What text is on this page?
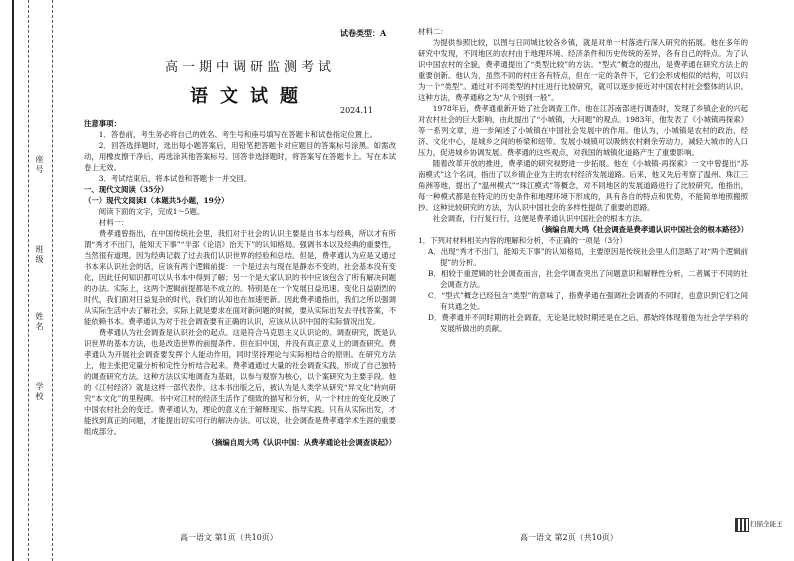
座号
班级
姓名
学校
试卷类型：A
高一期中调研监测考试
语文试题
2024.11

注意事项：

1．答卷前，考生务必将自己的姓名、考生号和座号填写在答题卡和试卷指定位置上。

2．回答选择题时，选出每小题答案后，用铅笔把答题卡对应题目的答案标号涂黑。如需改动，用橡皮擦干净后，再选涂其他答案标号。回答非选择题时，将答案写在答题卡上。写在本试卷上无效。

3．考试结束后，将本试卷和答题卡一并交回。

一、现代文阅读（35分）

（一）现代文阅读Ⅰ（本题共5小题，19分）

阅读下面的文字，完成1～5题。

材料一：

费孝通曾指出，在中国传统社会里，我们对于社会的认识主要是自书本与经典，所以才有所谓“秀才不出门，能知天下事”“半部《论语》治天下”的认知格局。强调书本以及经典的重要性，当然很有道理。因为经典记载了过去我们认识世界的经验和总结。但是，费孝通认为应是又通过书本来认识社会的话，应该有两个逻辑前提：一个是过去与现在是静态不变的，社会基本没有变化，因此任何知识都可以从书本中得到了解；另一个是大家认识的书中应该包含了所有解决问题的办法。实际上，这两个逻辑前提都是不成立的。特别是在一个发展日益迅速、变化日益剧烈的时代，我们面对日益复杂的时代，我们的认知也在加速更新。因此费孝通指出，我们之所以强调从实际生活中去了解社会，实际上就是要求在面对新问题的时候，要从实际出发去寻找答案，不能依赖书本。费孝通认为对于社会调查要有正确的认识，应该从认识中国的实际情况出发。

费孝通认为社会调查是认识社会的起点。这是符合马克思主义认识论的。调查研究，既是认识世界的基本方法，也是改造世界的前提条件。但在旧中国，并没有真正意义上的调查研究。费孝通认为开展社会调查要发挥个人能动作用，同时坚持理论与实际相结合的原则。在研究方法上，他主张把定量分析和定性分析结合起来。费孝通通过大量的社会调查实践，形成了自己独特的调查研究方法。这种方法以实地调查为基础，以参与观察为核心，以个案研究为主要手段。他的《江村经济》就是这样一部代表作。这本书出版之后，被认为是人类学从研究“异文化”转向研究“本文化”的里程碑。书中对江村的经济生活作了细致的描写和分析，从一个村庄的变化反映了中国农村社会的变迁。费孝通认为，理论的意义在于解释现实、指导实践。只有从实际出发，才能找到真正的问题，才能提出切实可行的解决办法。可以说，社会调查是费孝通学术生涯的重要组成部分。

（摘编自周大鸣《认识中国：从费孝通论社会调查谈起》）

材料二：

为提供参照比较，以图与日同城比较各乡镇，就是对单一村落进行深入研究的拓展。他在多年的研究中发现，不同地区的农村由于地理环境、经济条件和历史传统的差异，各有自己的特点。为了认识中国农村的全貌，费孝通提出了“类型比较”的方法。“型式”概念的提出，是费孝通在研究方法上的重要创新。他认为，虽然不同的村庄各有特点，但在一定的条件下，它们会形成相似的结构，可以归为一个“类型”。通过对不同类型的村庄进行比较研究，就可以逐步接近对中国农村社会整体的认识。这种方法，费孝通称之为“从个别到一般”。

1978年后，费孝通重新开始了社会调查工作。他在江苏南部进行调查时，发现了乡镇企业的兴起对农村社会的巨大影响，由此提出了“小城镇，大问题”的观点。1983年，他发表了《小城镇再探索》等一系列文章，进一步阐述了小城镇在中国社会发展中的作用。他认为，小城镇是农村的政治、经济、文化中心，是城乡之间的桥梁和纽带。发展小城镇可以吸纳农村剩余劳动力，减轻大城市的人口压力，促进城乡协调发展。费孝通的这些观点，对我国的城镇化道路产生了重要影响。

随着改革开放的推进，费孝通的研究视野进一步拓展。他在《小城镇·再探索》一文中曾提出“苏南模式”这个名词，指出了以乡镇企业为主的农村经济发展道路。后来，他又先后考察了温州、珠江三角洲等地，提出了“温州模式”“珠江模式”等概念，对不同地区的发展道路进行了比较研究。他指出，每一种模式都是在特定的历史条件和地理环境下形成的，具有各自的特点和优势，不能简单地照搬照抄。这种比较研究的方法，为认识中国社会的多样性提供了重要的思路。

社会调查，行行复行行，这便是费孝通认识中国社会的根本方法。

（摘编自周大鸣《社会调查是费孝通认识中国社会的根本路径》）

1．下列对材料相关内容的理解和分析，不正确的一项是（3分）

A．出现“秀才不出门，能知天下事”的认知格局，主要原因是传统社会里人们忽略了对“两个逻辑前提”的分析。

B．相较于重逻辑的社会调查而言，社会学调查突出了问题意识和解释性分析，二者属于不同的社会调查方法。

C．“型式”概念已经包含“类型”的意味了，指费孝通在强调社会调查的不同时，也意识到它们之间有共通之处。

D．费孝通并不同时期的社会调查，无论是比较时期还是在之后，都始终体现着他为社会学学科的发展所做出的贡献。

高一语文 第1页（共10页）	高一语文 第2页（共10页）
扫描全能王
